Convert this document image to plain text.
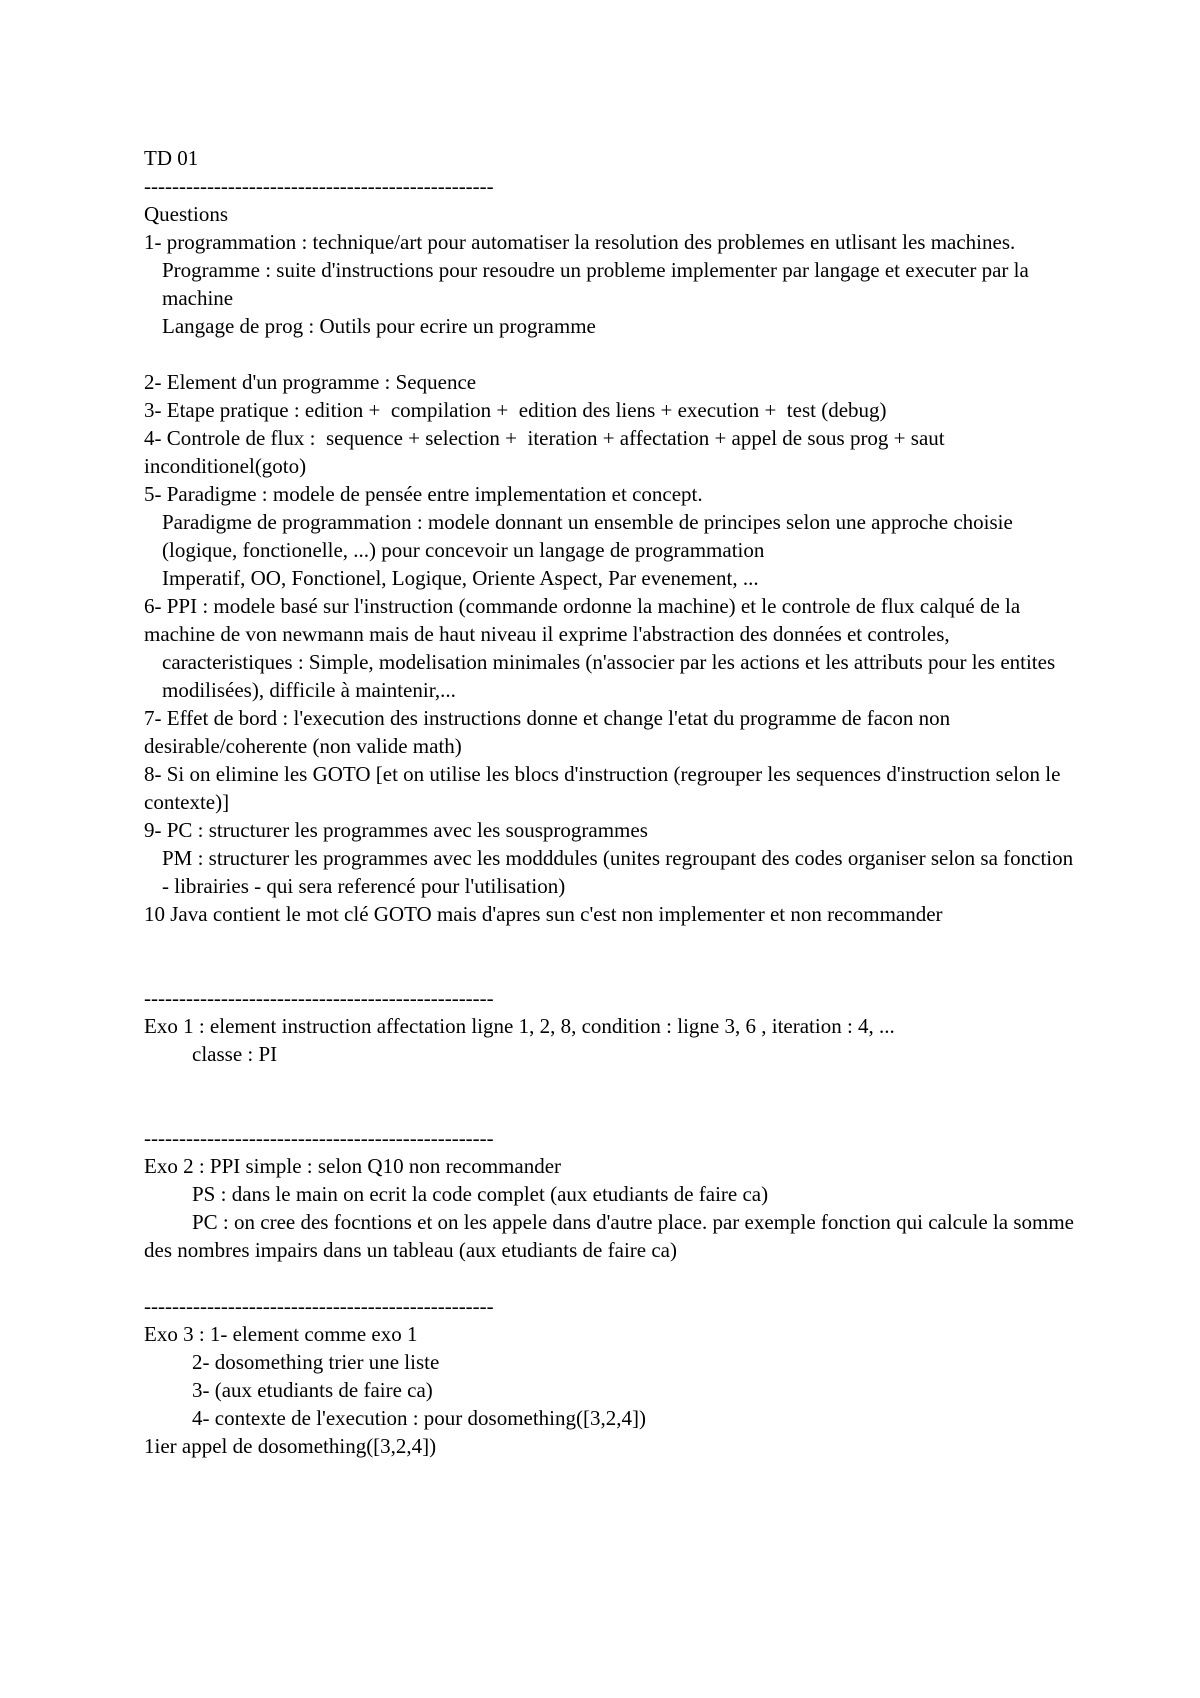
TD 01
--------------------------------------------------
Questions
1- programmation : technique/art pour automatiser la resolution des problemes en utlisant les machines.
Programme : suite d'instructions pour resoudre un probleme implementer par langage et executer par la machine
Langage de prog : Outils pour ecrire un programme
2- Element d'un programme : Sequence
3- Etape pratique : edition +  compilation +  edition des liens + execution +  test (debug)
4- Controle de flux :  sequence + selection +  iteration + affectation + appel de sous prog + saut inconditionel(goto)
5- Paradigme : modele de pensée entre implementation et concept.
Paradigme de programmation : modele donnant un ensemble de principes selon une approche choisie (logique, fonctionelle, ...) pour concevoir un langage de programmation
Imperatif, OO, Fonctionel, Logique, Oriente Aspect, Par evenement, ...
6- PPI : modele basé sur l'instruction (commande ordonne la machine) et le controle de flux calqué de la machine de von newmann mais de haut niveau il exprime l'abstraction des données et controles,
caracteristiques : Simple, modelisation minimales (n'associer par les actions et les attributs pour les entites modilisées), difficile à maintenir,...
7- Effet de bord : l'execution des instructions donne et change l'etat du programme de facon non desirable/coherente (non valide math)
8- Si on elimine les GOTO [et on utilise les blocs d'instruction (regrouper les sequences d'instruction selon le contexte)]
9- PC : structurer les programmes avec les sousprogrammes
PM : structurer les programmes avec les modddules (unites regroupant des codes organiser selon sa fonction - librairies - qui sera referencé pour l'utilisation)
10 Java contient le mot clé GOTO mais d'apres sun c'est non implementer et non recommander
--------------------------------------------------
Exo 1 : element instruction affectation ligne 1, 2, 8, condition : ligne 3, 6 , iteration : 4, ...
classe : PI
--------------------------------------------------
Exo 2 : PPI simple : selon Q10 non recommander
PS : dans le main on ecrit la code complet (aux etudiants de faire ca)
PC : on cree des focntions et on les appele dans d'autre place. par exemple fonction qui calcule la somme des nombres impairs dans un tableau (aux etudiants de faire ca)
--------------------------------------------------
Exo 3 : 1- element comme exo 1
2- dosomething trier une liste
3- (aux etudiants de faire ca)
4- contexte de l'execution : pour dosomething([3,2,4])
1ier appel de dosomething([3,2,4])
